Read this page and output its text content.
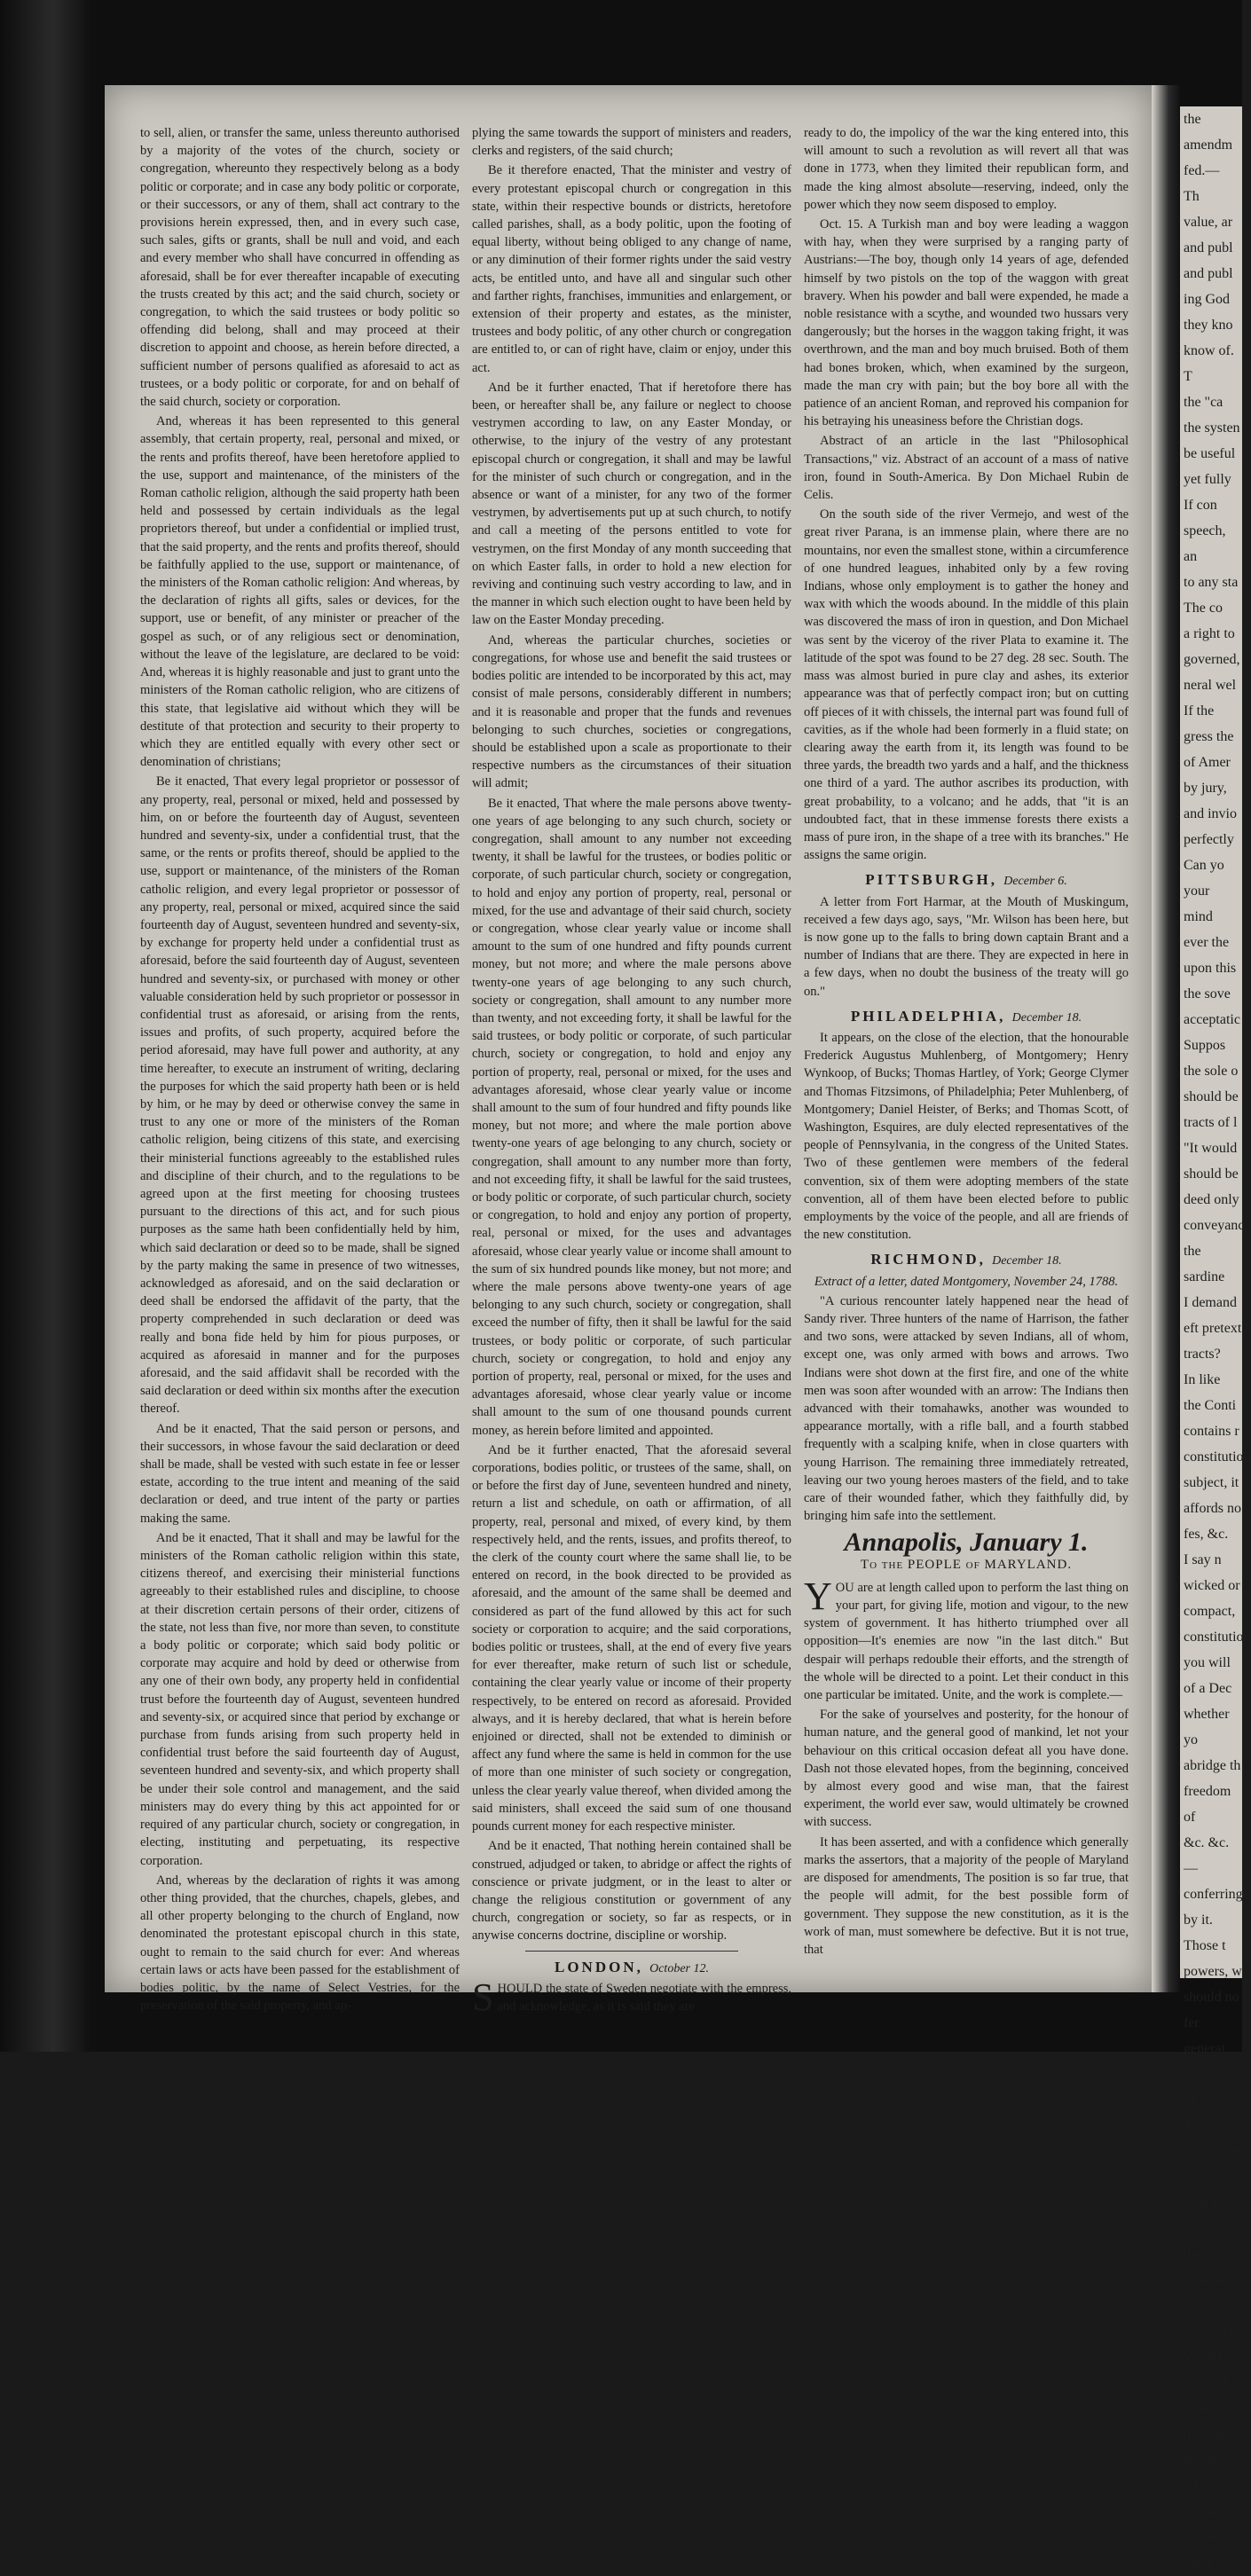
to sell, alien, or transfer the same, unless thereunto authorised by a majority of the votes of the church, society or congregation, whereunto they respectively belong as a body politic or corporate; and in case any body politic or corporate, or their successors, or any of them, shall act contrary to the provisions herein expressed, then, and in every such case, such sales, gifts or grants, shall be null and void, and each and every member who shall have concurred in offending as aforesaid, shall be for ever thereafter incapable of executing the trusts created by this act; and the said church, society or congregation, to which the said trustees or body politic so offending did belong, shall and may proceed at their discretion to appoint and choose, as herein before directed, a sufficient number of persons qualified as aforesaid to act as trustees, or a body politic or corporate, for and on behalf of the said church, society or corporation.

And, whereas it has been represented to this general assembly, that certain property, real, personal and mixed, or the rents and profits thereof, have been heretofore applied to the use, support and maintenance, of the ministers of the Roman catholic religion, although the said property hath been held and possessed by certain individuals as the legal proprietors thereof, but under a confidential or implied trust, that the said property, and the rents and profits thereof, should be faithfully applied to the use, support or maintenance, of the ministers of the Roman catholic religion: And whereas, by the declaration of rights all gifts, sales or devices, for the support, use or benefit, of any minister or preacher of the gospel as such, or of any religious sect or denomination, without the leave of the legislature, are declared to be void: And, whereas it is highly reasonable and just to grant unto the ministers of the Roman catholic religion, who are citizens of this state, that legislative aid without which they will be destitute of that protection and security to their property to which they are entitled equally with every other sect or denomination of christians;

Be it enacted, That every legal proprietor or possessor of any property, real, personal or mixed, held and possessed by him, on or before the fourteenth day of August, seventeen hundred and seventy-six, under a confidential trust, that the same, or the rents or profits thereof, should be applied to the use, support or maintenance, of the ministers of the Roman catholic religion, and every legal proprietor or possessor of any property, real, personal or mixed, acquired since the said fourteenth day of August, seventeen hundred and seventy-six, by exchange for property held under a confidential trust as aforesaid, before the said fourteenth day of August, seventeen hundred and seventy-six, or purchased with money or other valuable consideration held by such proprietor or possessor in confidential trust as aforesaid, or arising from the rents, issues and profits, of such property, acquired before the period aforesaid, may have full power and authority, at any time hereafter, to execute an instrument of writing, declaring the purposes for which the said property hath been or is held by him, or he may by deed or otherwise convey the same in trust to any one or more of the ministers of the Roman catholic religion, being citizens of this state, and exercising their ministerial functions agreeably to the established rules and discipline of their church, and to the regulations to be agreed upon at the first meeting for choosing trustees pursuant to the directions of this act, and for such pious purposes as the same hath been confidentially held by him, which said declaration or deed so to be made, shall be signed by the party making the same in presence of two witnesses, acknowledged as aforesaid, and on the said declaration or deed shall be endorsed the affidavit of the party, that the property comprehended in such declaration or deed was really and bona fide held by him for pious purposes, or acquired as aforesaid in manner and for the purposes aforesaid, and the said affidavit shall be recorded with the said declaration or deed within six months after the execution thereof.

And be it enacted, That the said person or persons, and their successors, in whose favour the said declaration or deed shall be made, shall be vested with such estate in fee or lesser estate, according to the true intent and meaning of the said declaration or deed, and true intent of the party or parties making the same.

And be it enacted, That it shall and may be lawful for the ministers of the Roman catholic religion within this state, citizens thereof, and exercising their ministerial functions agreeably to their established rules and discipline, to choose at their discretion certain persons of their order, citizens of the state, not less than five, nor more than seven, to constitute a body politic or corporate; which said body politic or corporate may acquire and hold by deed or otherwise from any one of their own body, any property held in confidential trust before the fourteenth day of August, seventeen hundred and seventy-six, or acquired since that period by exchange or purchase from funds arising from such property held in confidential trust before the said fourteenth day of August, seventeen hundred and seventy-six, and which property shall be under their sole control and management, and the said ministers may do every thing by this act appointed for or required of any particular church, society or congregation, in electing, instituting and perpetuating, its respective corporation.

And, whereas by the declaration of rights it was among other thing provided, that the churches, chapels, glebes, and all other property belonging to the church of England, now denominated the protestant episcopal church in this state, ought to remain to the said church for ever: And whereas certain laws or acts have been passed for the establishment of bodies politic, by the name of Select Vestries, for the preservation of the said property, and ap-

plying the same towards the support of ministers and readers, clerks and registers, of the said church;

Be it therefore enacted, That the minister and vestry of every protestant episcopal church or congregation in this state, within their respective bounds or districts, heretofore called parishes, shall, as a body politic, upon the footing of equal liberty, without being obliged to any change of name, or any diminution of their former rights under the said vestry acts, be entitled unto, and have all and singular such other and farther rights, franchises, immunities and enlargement, or extension of their property and estates, as the minister, trustees and body politic, of any other church or congregation are entitled to, or can of right have, claim or enjoy, under this act.

And be it further enacted, That if heretofore there has been, or hereafter shall be, any failure or neglect to choose vestrymen according to law, on any Easter Monday, or otherwise, to the injury of the vestry of any protestant episcopal church or congregation, it shall and may be lawful for the minister of such church or congregation, and in the absence or want of a minister, for any two of the former vestrymen, by advertisements put up at such church, to notify and call a meeting of the persons entitled to vote for vestrymen, on the first Monday of any month succeeding that on which Easter falls, in order to hold a new election for reviving and continuing such vestry according to law, and in the manner in which such election ought to have been held by law on the Easter Monday preceding.

And, whereas the particular churches, societies or congregations, for whose use and benefit the said trustees or bodies politic are intended to be incorporated by this act, may consist of male persons, considerably different in numbers; and it is reasonable and proper that the funds and revenues belonging to such churches, societies or congregations, should be established upon a scale as proportionate to their respective numbers as the circumstances of their situation will admit;

Be it enacted, That where the male persons above twenty-one years of age belonging to any such church, society or congregation, shall amount to any number not exceeding twenty, it shall be lawful for the trustees, or bodies politic or corporate, of such particular church, society or congregation, to hold and enjoy any portion of property, real, personal or mixed, for the use and advantage of their said church, society or congregation, whose clear yearly value or income shall amount to the sum of one hundred and fifty pounds current money, but not more; and where the male persons above twenty-one years of age belonging to any such church, society or congregation, shall amount to any number more than twenty, and not exceeding forty, it shall be lawful for the said trustees, or body politic or corporate, of such particular church, society or congregation, to hold and enjoy any portion of property, real, personal or mixed, for the uses and advantages aforesaid, whose clear yearly value or income shall amount to the sum of four hundred and fifty pounds like money, but not more; and where the male portion above twenty-one years of age belonging to any church, society or congregation, shall amount to any number more than forty, and not exceeding fifty, it shall be lawful for the said trustees, or body politic or corporate, of such particular church, society or congregation, to hold and enjoy any portion of property, real, personal or mixed, for the uses and advantages aforesaid, whose clear yearly value or income shall amount to the sum of six hundred pounds like money, but not more; and where the male persons above twenty-one years of age belonging to any such church, society or congregation, shall exceed the number of fifty, then it shall be lawful for the said trustees, or body politic or corporate, of such particular church, society or congregation, to hold and enjoy any portion of property, real, personal or mixed, for the uses and advantages aforesaid, whose clear yearly value or income shall amount to the sum of one thousand pounds current money, as herein before limited and appointed.

And be it further enacted, That the aforesaid several corporations, bodies politic, or trustees of the same, shall, on or before the first day of June, seventeen hundred and ninety, return a list and schedule, on oath or affirmation, of all property, real, personal and mixed, of every kind, by them respectively held, and the rents, issues, and profits thereof, to the clerk of the county court where the same shall lie, to be entered on record, in the book directed to be provided as aforesaid, and the amount of the same shall be deemed and considered as part of the fund allowed by this act for such society or corporation to acquire; and the said corporations, bodies politic or trustees, shall, at the end of every five years for ever thereafter, make return of such list or schedule, containing the clear yearly value or income of their property respectively, to be entered on record as aforesaid. Provided always, and it is hereby declared, that what is herein before enjoined or directed, shall not be extended to diminish or affect any fund where the same is held in common for the use of more than one minister of such society or congregation, unless the clear yearly value thereof, when divided among the said ministers, shall exceed the said sum of one thousand pounds current money for each respective minister.

And be it enacted, That nothing herein contained shall be construed, adjudged or taken, to abridge or affect the rights of conscience or private judgment, or in the least to alter or change the religious constitution or government of any church, congregation or society, so far as respects, or in anywise concerns doctrine, discipline or worship.

LONDON, October 12.

SHOULD the state of Sweden negotiate with the empress, and acknowledge, as it is said they are

ready to do, the impolicy of the war the king entered into, this will amount to such a revolution as will revert all that was done in 1773, when they limited their republican form, and made the king almost absolute—reserving, indeed, only the power which they now seem disposed to employ.

Oct. 15. A Turkish man and boy were leading a waggon with hay, when they were surprised by a ranging party of Austrians:—The boy, though only 14 years of age, defended himself by two pistols on the top of the waggon with great bravery. When his powder and ball were expended, he made a noble resistance with a scythe, and wounded two hussars very dangerously; but the horses in the waggon taking fright, it was overthrown, and the man and boy much bruised. Both of them had bones broken, which, when examined by the surgeon, made the man cry with pain; but the boy bore all with the patience of an ancient Roman, and reproved his companion for his betraying his uneasiness before the Christian dogs.

Abstract of an article in the last "Philosophical Transactions," viz. Abstract of an account of a mass of native iron, found in South-America. By Don Michael Rubin de Celis.

On the south side of the river Vermejo, and west of the great river Parana, is an immense plain, where there are no mountains, nor even the smallest stone, within a circumference of one hundred leagues, inhabited only by a few roving Indians, whose only employment is to gather the honey and wax with which the woods abound. In the middle of this plain was discovered the mass of iron in question, and Don Michael was sent by the viceroy of the river Plata to examine it. The latitude of the spot was found to be 27 deg. 28 sec. South. The mass was almost buried in pure clay and ashes, its exterior appearance was that of perfectly compact iron; but on cutting off pieces of it with chissels, the internal part was found full of cavities, as if the whole had been formerly in a fluid state; on clearing away the earth from it, its length was found to be three yards, the breadth two yards and a half, and the thickness one third of a yard. The author ascribes its production, with great probability, to a volcano; and he adds, that "it is an undoubted fact, that in these immense forests there exists a mass of pure iron, in the shape of a tree with its branches." He assigns the same origin.

PITTSBURGH, December 6.

A letter from Fort Harmar, at the Mouth of Muskingum, received a few days ago, says, "Mr. Wilson has been here, but is now gone up to the falls to bring down captain Brant and a number of Indians that are there. They are expected in here in a few days, when no doubt the business of the treaty will go on."

PHILADELPHIA, December 18.

It appears, on the close of the election, that the honourable Frederick Augustus Muhlenberg, of Montgomery; Henry Wynkoop, of Bucks; Thomas Hartley, of York; George Clymer and Thomas Fitzsimons, of Philadelphia; Peter Muhlenberg, of Montgomery; Daniel Heister, of Berks; and Thomas Scott, of Washington, Esquires, are duly elected representatives of the people of Pennsylvania, in the congress of the United States. Two of these gentlemen were members of the federal convention, six of them were adopting members of the state convention, all of them have been elected before to public employments by the voice of the people, and all are friends of the new constitution.

RICHMOND, December 18.

Extract of a letter, dated Montgomery, November 24, 1788.

"A curious rencounter lately happened near the head of Sandy river. Three hunters of the name of Harrison, the father and two sons, were attacked by seven Indians, all of whom, except one, was only armed with bows and arrows. Two Indians were shot down at the first fire, and one of the white men was soon after wounded with an arrow: The Indians then advanced with their tomahawks, another was wounded to appearance mortally, with a rifle ball, and a fourth stabbed frequently with a scalping knife, when in close quarters with young Harrison. The remaining three immediately retreated, leaving our two young heroes masters of the field, and to take care of their wounded father, which they faithfully did, by bringing him safe into the settlement.

Annapolis, January 1.
To the PEOPLE of MARYLAND.

YOU are at length called upon to perform the last thing on your part, for giving life, motion and vigour, to the new system of government. It has hitherto triumphed over all opposition—It's enemies are now "in the last ditch." But despair will perhaps redouble their efforts, and the strength of the whole will be directed to a point. Let their conduct in this one particular be imitated. Unite, and the work is complete.—

For the sake of yourselves and posterity, for the honour of human nature, and the general good of mankind, let not your behaviour on this critical occasion defeat all you have done. Dash not those elevated hopes, from the beginning, conceived by almost every good and wise man, that the fairest experiment, the world ever saw, would ultimately be crowned with success.

It has been asserted, and with a confidence which generally marks the assertors, that a majority of the people of Maryland are disposed for amendments, The position is so far true, that the people will admit, for the best possible form of government. They suppose the new constitution, as it is the work of man, must somewhere be defective. But it is not true, that

the
amendm
fed.—
Th
value, ar
and publ
and publ
ing God
they kno
know of.
T
the "ca
the systen
be useful
yet fully
If con
speech, an
to any sta
The co
a right to
governed,
neral wel
If the
gress the
of Amer
by jury,
and invio
perfectly
Can yo
your mind
ever the
upon this
the sove
acceptatic
Suppos
the sole o
should be
tracts of l
"It would
should be
deed only
conveyanc
the sardine
I demand
eft pretext
tracts?
In like
the Conti
contains r
constitution
subject, it
affords no
fes, &c.
I say n
wicked or
compact,
constitution
you will
of a Dec
whether yo
abridge th
freedom of
&c. &c.—
conferring
by it.
Those t
powers, w
should no
fer generat
and every
of the peo
The u
amendmen
tion, whic
May n
national c
the conce
of Americ
It is n
immediate
Would
a bill of
I mean
the Ame
should be
arbitrary
Would
tempest
thing for
